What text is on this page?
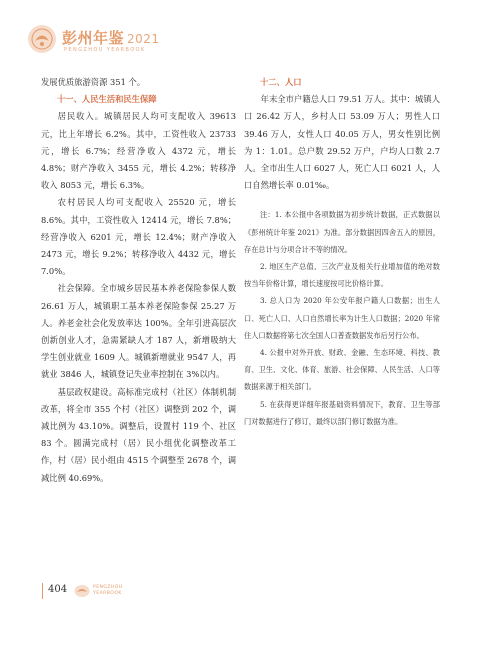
彭州年鉴 2021
PENGZHOU YEARBOOK

发展优质旅游资源 351 个。

十一、人民生活和民生保障

居民收入。城镇居民人均可支配收入 39613 元，比上年增长 6.2%。其中，工资性收入 23733 元，增长 6.7%；经营净收入 4372 元，增长 4.8%；财产净收入 3455 元，增长 4.2%；转移净收入 8053 元，增长 6.3%。

农村居民人均可支配收入 25520 元，增长 8.6%。其中，工资性收入 12414 元，增长 7.8%；经营净收入 6201 元，增长 12.4%；财产净收入 2473 元，增长 9.2%；转移净收入 4432 元，增长 7.0%。

社会保障。全市城乡居民基本养老保险参保人数 26.61 万人，城镇职工基本养老保险参保 25.27 万人。养老金社会化发放率达 100%。全年引进高层次创新创业人才，急需紧缺人才 187 人，新增吸纳大学生创业就业 1609 人。城镇新增就业 9547 人，再就业 3846 人，城镇登记失业率控制在 3%以内。

基层政权建设。高标准完成村（社区）体制机制改革，将全市 355 个村（社区）调整到 202 个，调减比例为 43.10%。调整后，设置村 119 个、社区 83 个。圆满完成村（居）民小组优化调整改革工作，村（居）民小组由 4515 个调整至 2678 个，调减比例 40.69%。

十二、人口

年末全市户籍总人口 79.51 万人。其中：城镇人口 26.42 万人，乡村人口 53.09 万人；男性人口 39.46 万人，女性人口 40.05 万人，男女性别比例为 1：1.01。总户数 29.52 万户，户均人口数 2.7 人。全市出生人口 6027 人，死亡人口 6021 人，人口自然增长率 0.01‰。

注：1. 本公报中各项数据为初步统计数据，正式数据以《彭州统计年鉴 2021》为准。部分数据因四舍五入的原因，存在总计与分项合计不等的情况。

2. 地区生产总值、三次产业及相关行业增加值的绝对数按当年价格计算，增长速度按可比价格计算。

3. 总人口为 2020 年公安年报户籍人口数据；出生人口、死亡人口、人口自然增长率为计生人口数据；2020 年常住人口数据将第七次全国人口普查数据发布后另行公布。

4. 公报中对外开放、财政、金融、生态环境、科技、教育、卫生、文化、体育、旅游、社会保障、人民生活、人口等数据来源于相关部门。

5. 在获得更详细年报基础资料情况下，教育、卫生等部门对数据进行了修订，最终以部门修订数据为准。

404	PENGZHOU
YEARBOOK
